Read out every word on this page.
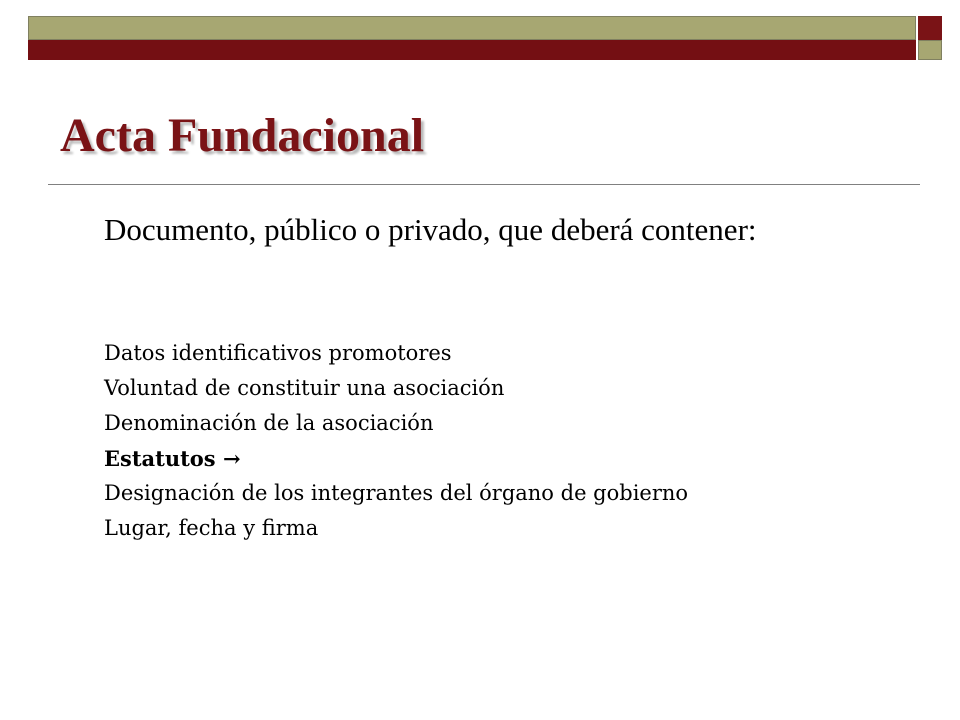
Acta Fundacional

Documento, público o privado, que deberá contener:

Datos identificativos promotores
Voluntad de constituir una asociación
Denominación de la asociación
Estatutos →
Designación de los integrantes del órgano de gobierno
Lugar, fecha y firma
